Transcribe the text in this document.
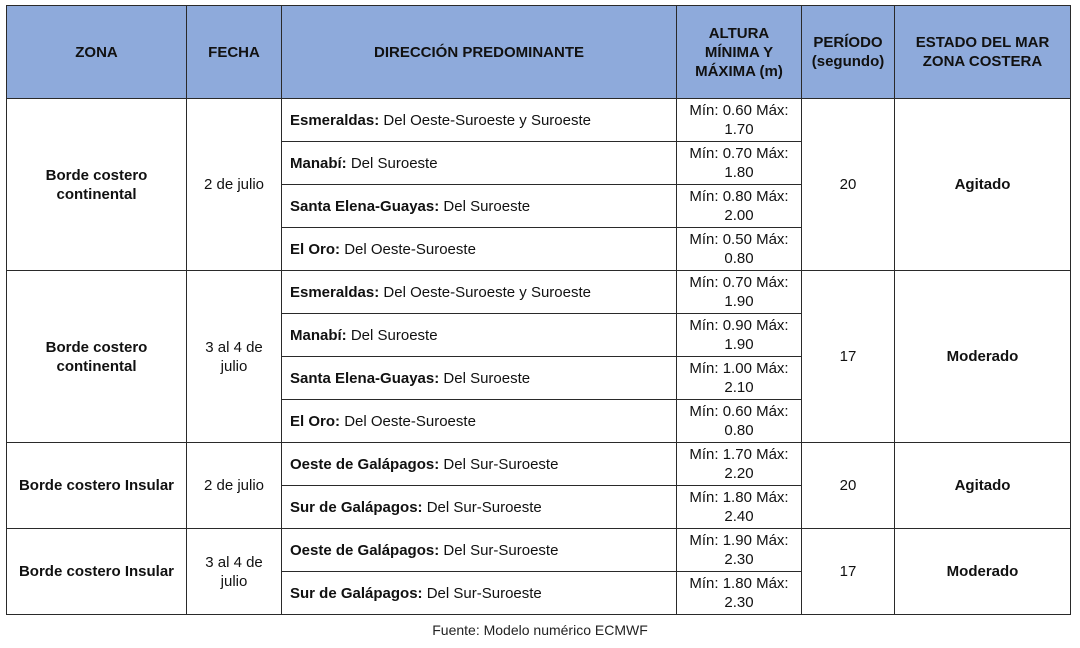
ZONA	FECHA	DIRECCIÓN PREDOMINANTE	ALTURA MÍNIMA Y MÁXIMA (m)	PERÍODO (segundo)	ESTADO DEL MAR ZONA COSTERA
Borde costero continental	2 de julio	Esmeraldas: Del Oeste-Suroeste y Suroeste	Mín: 0.60 Máx: 1.70	20	Agitado
		Manabí: Del Suroeste	Mín: 0.70 Máx: 1.80		
		Santa Elena-Guayas: Del Suroeste	Mín: 0.80 Máx: 2.00		
		El Oro: Del Oeste-Suroeste	Mín: 0.50 Máx: 0.80		
Borde costero continental	3 al 4 de julio	Esmeraldas: Del Oeste-Suroeste y Suroeste	Mín: 0.70 Máx: 1.90	17	Moderado
		Manabí: Del Suroeste	Mín: 0.90 Máx: 1.90		
		Santa Elena-Guayas: Del Suroeste	Mín: 1.00 Máx: 2.10		
		El Oro: Del Oeste-Suroeste	Mín: 0.60 Máx: 0.80		
Borde costero Insular	2 de julio	Oeste de Galápagos: Del Sur-Suroeste	Mín: 1.70 Máx: 2.20	20	Agitado
		Sur de Galápagos: Del Sur-Suroeste	Mín: 1.80 Máx: 2.40		
Borde costero Insular	3 al 4 de julio	Oeste de Galápagos: Del Sur-Suroeste	Mín: 1.90 Máx: 2.30	17	Moderado
		Sur de Galápagos: Del Sur-Suroeste	Mín: 1.80 Máx: 2.30		
Fuente: Modelo numérico ECMWF
